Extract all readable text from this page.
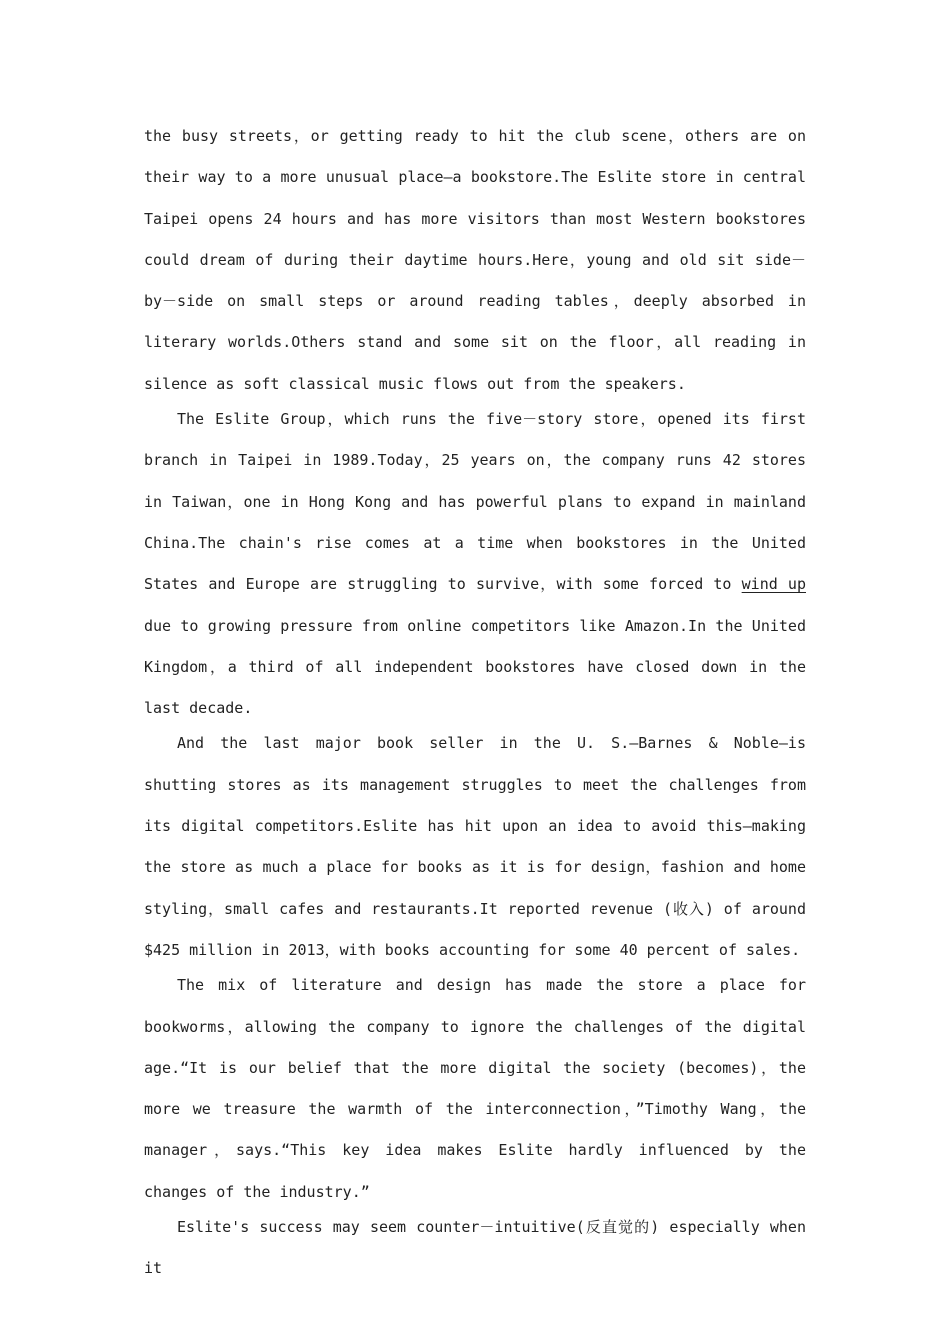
the busy streets，or getting ready to hit the club scene，others are on their way to a more unusual place—a bookstore.The Eslite store in central Taipei opens 24 hours and has more visitors than most Western bookstores could dream of during their daytime hours.Here，young and old sit side－by－side on small steps or around reading tables，deeply absorbed in literary worlds.Others stand and some sit on the floor，all reading in silence as soft classical music flows out from the speakers.

The Eslite Group，which runs the five－story store，opened its first branch in Taipei in 1989.Today，25 years on，the company runs 42 stores in Taiwan，one in Hong Kong and has powerful plans to expand in mainland China.The chain's rise comes at a time when bookstores in the United States and Europe are struggling to survive，with some forced to wind up due to growing pressure from online competitors like Amazon.In the United Kingdom，a third of all independent bookstores have closed down in the last decade.

And the last major book seller in the U. S.—Barnes & Noble—is shutting stores as its management struggles to meet the challenges from its digital competitors.Eslite has hit upon an idea to avoid this—making the store as much a place for books as it is for design，fashion and home styling，small cafes and restaurants.It reported revenue (收入) of around $425 million in 2013，with books accounting for some 40 percent of sales.

The mix of literature and design has made the store a place for bookworms，allowing the company to ignore the challenges of the digital age.“It is our belief that the more digital the society (becomes)，the more we treasure the warmth of the interconnection，”Timothy Wang，the manager，says.“This key idea makes Eslite hardly influenced by the changes of the industry.”

Eslite's success may seem counter－intuitive(反直觉的) especially when it
